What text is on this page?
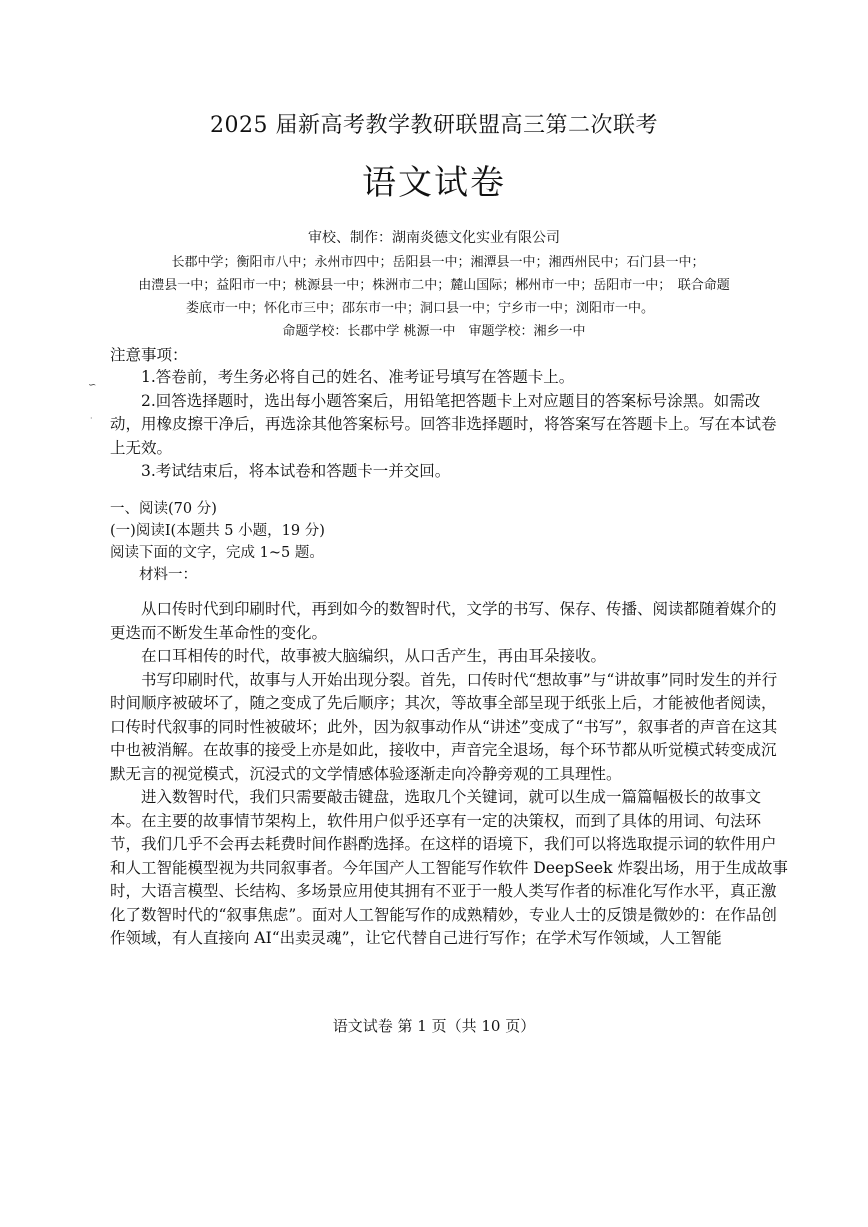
2025 届新高考教学教研联盟高三第二次联考
语文试卷
审校、制作：湖南炎德文化实业有限公司
长郡中学；衡阳市八中；永州市四中；岳阳县一中；湘潭县一中；湘西州民中；石门县一中；
由澧县一中；益阳市一中；桃源县一中；株洲市二中；麓山国际；郴州市一中；岳阳市一中；　联合命题
娄底市一中；怀化市三中；邵东市一中；洞口县一中；宁乡市一中；浏阳市一中。
命题学校：长郡中学 桃源一中　审题学校：湘乡一中
∽
·
注意事项：

1.答卷前，考生务必将自己的姓名、准考证号填写在答题卡上。

2.回答选择题时，选出每小题答案后，用铅笔把答题卡上对应题目的答案标号涂黑。如需改动，用橡皮擦干净后，再选涂其他答案标号。回答非选择题时，将答案写在答题卡上。写在本试卷上无效。

3.考试结束后，将本试卷和答题卡一并交回。

一、阅读(70 分)

(一)阅读Ⅰ(本题共 5 小题，19 分)

阅读下面的文字，完成 1~5 题。

材料一：

从口传时代到印刷时代，再到如今的数智时代，文学的书写、保存、传播、阅读都随着媒介的更迭而不断发生革命性的变化。

在口耳相传的时代，故事被大脑编织，从口舌产生，再由耳朵接收。

书写印刷时代，故事与人开始出现分裂。首先，口传时代“想故事”与“讲故事”同时发生的并行时间顺序被破坏了，随之变成了先后顺序；其次，等故事全部呈现于纸张上后，才能被他者阅读，口传时代叙事的同时性被破坏；此外，因为叙事动作从“讲述”变成了“书写”，叙事者的声音在这其中也被消解。在故事的接受上亦是如此，接收中，声音完全退场，每个环节都从听觉模式转变成沉默无言的视觉模式，沉浸式的文学情感体验逐渐走向冷静旁观的工具理性。

进入数智时代，我们只需要敲击键盘，选取几个关键词，就可以生成一篇篇幅极长的故事文本。在主要的故事情节架构上，软件用户似乎还享有一定的决策权，而到了具体的用词、句法环节，我们几乎不会再去耗费时间作斟酌选择。在这样的语境下，我们可以将选取提示词的软件用户和人工智能模型视为共同叙事者。今年国产人工智能写作软件 DeepSeek 炸裂出场，用于生成故事时，大语言模型、长结构、多场景应用使其拥有不亚于一般人类写作者的标准化写作水平，真正激化了数智时代的“叙事焦虑”。面对人工智能写作的成熟精妙，专业人士的反馈是微妙的：在作品创作领域，有人直接向 AI“出卖灵魂”，让它代替自己进行写作；在学术写作领域，人工智能

语文试卷 第 1 页（共 10 页）
